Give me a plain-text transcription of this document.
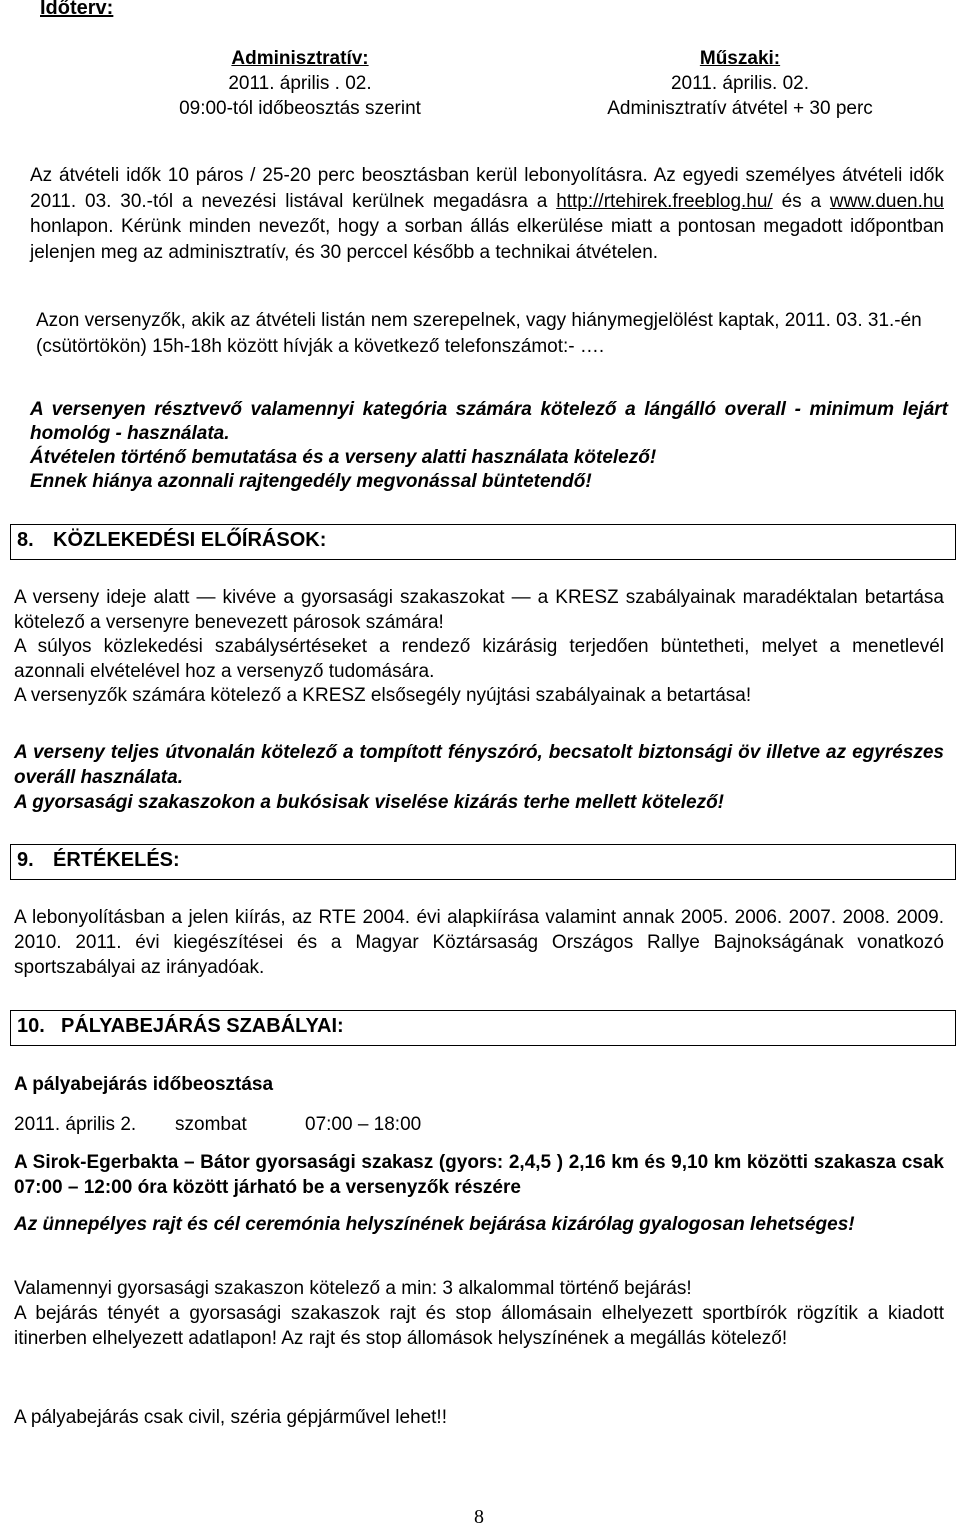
Időterv:
Adminisztratív:
2011. április . 02.
09:00-tól időbeosztás szerint
Műszaki:
2011. április. 02.
Adminisztratív átvétel + 30 perc
Az átvételi idők 10 páros / 25-20 perc beosztásban kerül lebonyolításra. Az egyedi személyes átvételi idők 2011. 03. 30.-tól a nevezési listával kerülnek megadásra a http://rtehirek.freeblog.hu/ és a www.duen.hu honlapon. Kérünk minden nevezőt, hogy a sorban állás elkerülése miatt a pontosan megadott időpontban jelenjen meg az adminisztratív, és 30 perccel később a technikai átvételen.
Azon versenyzők, akik az átvételi listán nem szerepelnek, vagy hiánymegjelölést kaptak, 2011. 03. 31.-én (csütörtökön) 15h-18h között hívják a következő telefonszámot:- ….
A versenyen résztvevő valamennyi kategória számára kötelező a lángálló overall - minimum lejárt homológ - használata.
Átvételen történő bemutatása és a verseny alatti használata kötelező!
Ennek hiánya azonnali rajtengedély megvonással büntetendő!
8. KÖZLEKEDÉSI ELŐÍRÁSOK:
A verseny ideje alatt — kivéve a gyorsasági szakaszokat — a KRESZ szabályainak maradéktalan betartása kötelező a versenyre benevezett párosok számára!
A súlyos közlekedési szabálysértéseket a rendező kizárásig terjedően büntetheti, melyet a menetlevél azonnali elvételével hoz a versenyző tudomására.
A versenyzők számára kötelező a KRESZ elsősegély nyújtási szabályainak a betartása!
A verseny teljes útvonalán kötelező a tompított fényszóró, becsatolt biztonsági öv illetve az egyrészes overáll használata.
A gyorsasági szakaszokon a bukósisak viselése kizárás terhe mellett kötelező!
9. ÉRTÉKELÉS:
A lebonyolításban a jelen kiírás, az RTE 2004. évi alapkiírása valamint annak 2005. 2006. 2007. 2008. 2009. 2010. 2011. évi kiegészítései és a Magyar Köztársaság Országos Rallye Bajnokságának vonatkozó sportszabályai az irányadóak.
10. PÁLYABEJÁRÁS SZABÁLYAI:
A pályabejárás időbeosztása
2011. április 2. szombat	07:00 – 18:00
A Sirok-Egerbakta – Bátor gyorsasági szakasz (gyors: 2,4,5 ) 2,16 km és 9,10 km közötti szakasza csak 07:00 – 12:00 óra között járható be a versenyzők részére
Az ünnepélyes rajt és cél ceremónia helyszínének bejárása kizárólag gyalogosan lehetséges!
Valamennyi gyorsasági szakaszon kötelező a min: 3 alkalommal történő bejárás!
A bejárás tényét a gyorsasági szakaszok rajt és stop állomásain elhelyezett sportbírók rögzítik a kiadott itinerben elhelyezett adatlapon! Az rajt és stop állomások helyszínének a megállás kötelező!
A pályabejárás csak civil, széria gépjárművel lehet!!
8
